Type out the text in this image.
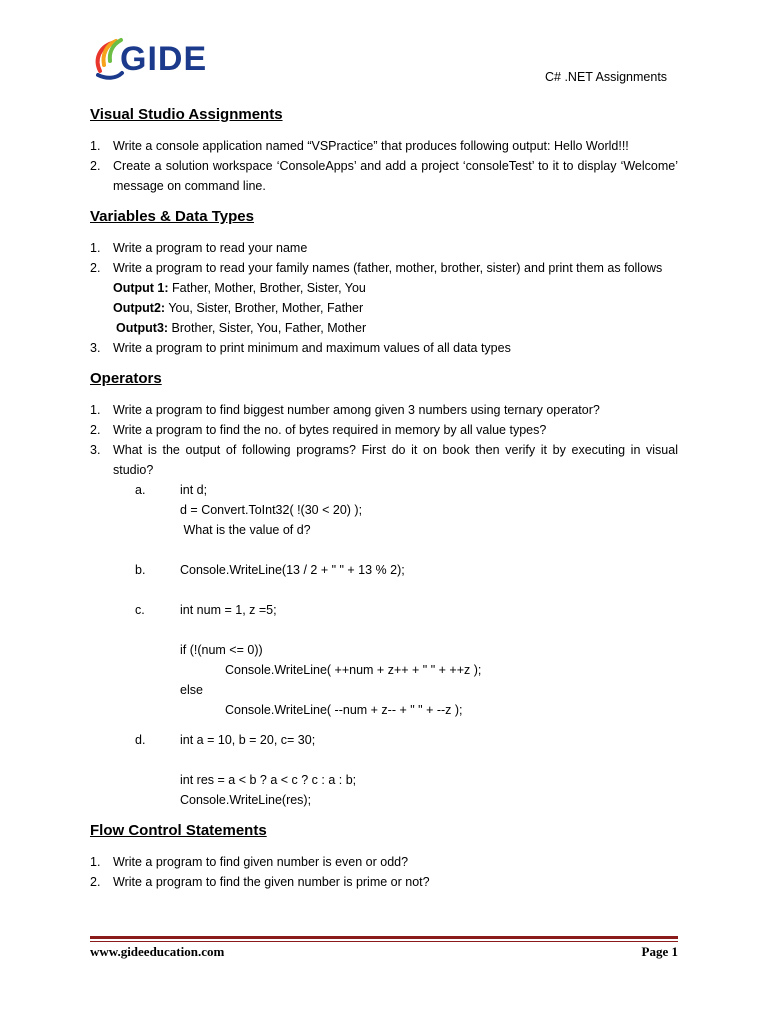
GIDE	C# .NET Assignments
Visual Studio Assignments
1.	Write a console application named “VSPractice” that produces following output: Hello World!!!
2.	Create a solution workspace ‘ConsoleApps’ and add a project ‘consoleTest’ to it to display ‘Welcome’ message on command line.
Variables & Data Types
1.	Write a program to read your name
2.	Write a program to read your family names (father, mother, brother, sister) and print them as follows
Output 1: Father, Mother, Brother, Sister, You
Output2: You, Sister, Brother, Mother, Father
Output3: Brother, Sister, You, Father, Mother
3.	Write a program to print minimum and maximum values of all data types
Operators
1.	Write a program to find biggest number among given 3 numbers using ternary operator?
2.	Write a program to find the no. of bytes required in memory by all value types?
3.	What is the output of following programs? First do it on book then verify it by executing in visual studio?
a.	int d;
d = Convert.ToInt32( !(30 < 20) );
What is the value of d?
b.	Console.WriteLine(13 / 2 + " " + 13 % 2);
c.	int num = 1, z =5;
if (!(num <= 0))
Console.WriteLine( ++num + z++ + " " + ++z );
else
Console.WriteLine( --num + z-- + " " + --z );
d.	int a = 10, b = 20, c= 30;
int res = a < b ? a < c ? c : a : b;
Console.WriteLine(res);
Flow Control Statements
1.	Write a program to find given number is even or odd?
2.	Write a program to find the given number is prime or not?
www.gideeducation.com	Page 1
